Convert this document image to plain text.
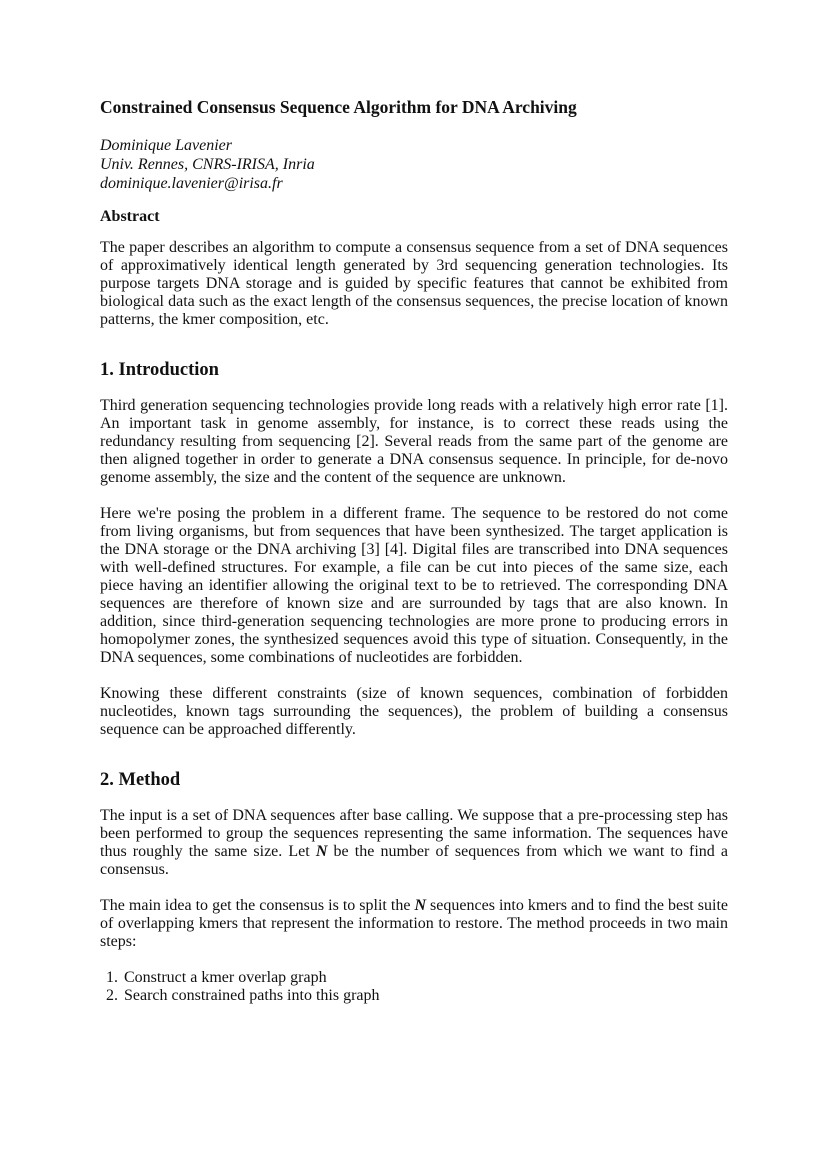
Constrained Consensus Sequence Algorithm for DNA Archiving
Dominique Lavenier
Univ. Rennes, CNRS-IRISA, Inria
dominique.lavenier@irisa.fr
Abstract

The paper describes an algorithm to compute a consensus sequence from a set of DNA sequences of approximatively identical length generated by 3rd sequencing generation technologies. Its purpose targets DNA storage and is guided by specific features that cannot be exhibited from biological data such as the exact length of the consensus sequences, the precise location of known patterns, the kmer composition, etc.

1. Introduction

Third generation sequencing technologies provide long reads with a relatively high error rate [1]. An important task in genome assembly, for instance, is to correct these reads using the redundancy resulting from sequencing [2]. Several reads from the same part of the genome are then aligned together in order to generate a DNA consensus sequence. In principle, for de-novo genome assembly, the size and the content of the sequence are unknown.

Here we're posing the problem in a different frame. The sequence to be restored do not come from living organisms, but from sequences that have been synthesized. The target application is the DNA storage or the DNA archiving [3] [4]. Digital files are transcribed into DNA sequences with well-defined structures. For example, a file can be cut into pieces of the same size, each piece having an identifier allowing the original text to be to retrieved. The corresponding DNA sequences are therefore of known size and are surrounded by tags that are also known. In addition, since third-generation sequencing technologies are more prone to producing errors in homopolymer zones, the synthesized sequences avoid this type of situation. Consequently, in the DNA sequences, some combinations of nucleotides are forbidden.

Knowing these different constraints (size of known sequences, combination of forbidden nucleotides, known tags surrounding the sequences), the problem of building a consensus sequence can be approached differently.

2. Method

The input is a set of DNA sequences after base calling. We suppose that a pre-processing step has been performed to group the sequences representing the same information. The sequences have thus roughly the same size. Let N be the number of sequences from which we want to find a consensus.

The main idea to get the consensus is to split the N sequences into kmers and to find the best suite of overlapping kmers that represent the information to restore. The method proceeds in two main steps:

1. Construct a kmer overlap graph
2. Search constrained paths into this graph
